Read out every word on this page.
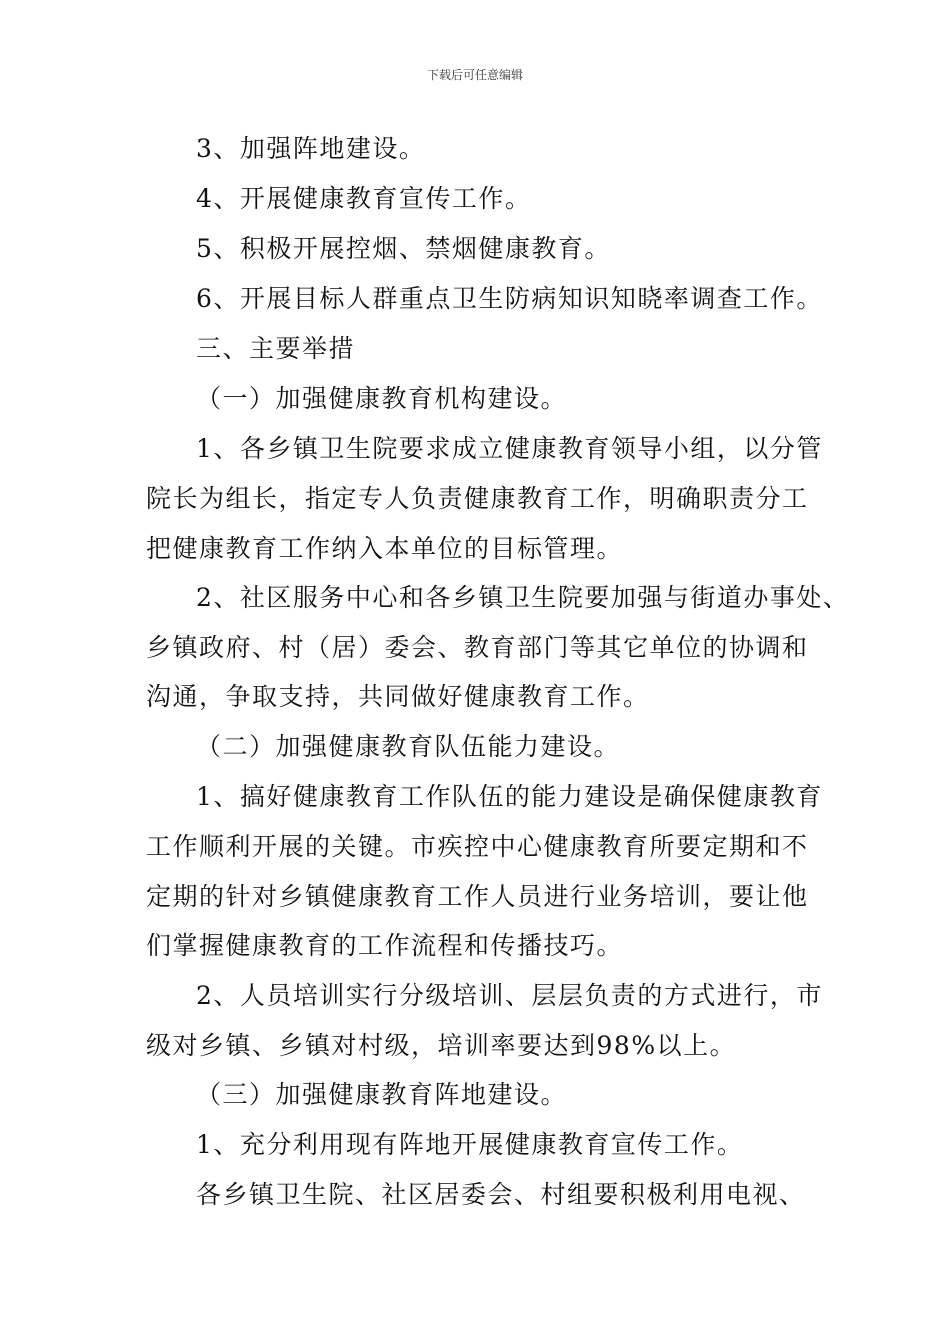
下载后可任意编辑
3、加强阵地建设。
4、开展健康教育宣传工作。
5、积极开展控烟、禁烟健康教育。
6、开展目标人群重点卫生防病知识知晓率调查工作。
三、主要举措
（一）加强健康教育机构建设。
1、各乡镇卫生院要求成立健康教育领导小组，以分管
院长为组长，指定专人负责健康教育工作，明确职责分工
把健康教育工作纳入本单位的目标管理。
2、社区服务中心和各乡镇卫生院要加强与街道办事处、
乡镇政府、村（居）委会、教育部门等其它单位的协调和
沟通，争取支持，共同做好健康教育工作。
（二）加强健康教育队伍能力建设。
1、搞好健康教育工作队伍的能力建设是确保健康教育
工作顺利开展的关键。市疾控中心健康教育所要定期和不
定期的针对乡镇健康教育工作人员进行业务培训，要让他
们掌握健康教育的工作流程和传播技巧。
2、人员培训实行分级培训、层层负责的方式进行，市
级对乡镇、乡镇对村级，培训率要达到98%以上。
（三）加强健康教育阵地建设。
1、充分利用现有阵地开展健康教育宣传工作。
各乡镇卫生院、社区居委会、村组要积极利用电视、
